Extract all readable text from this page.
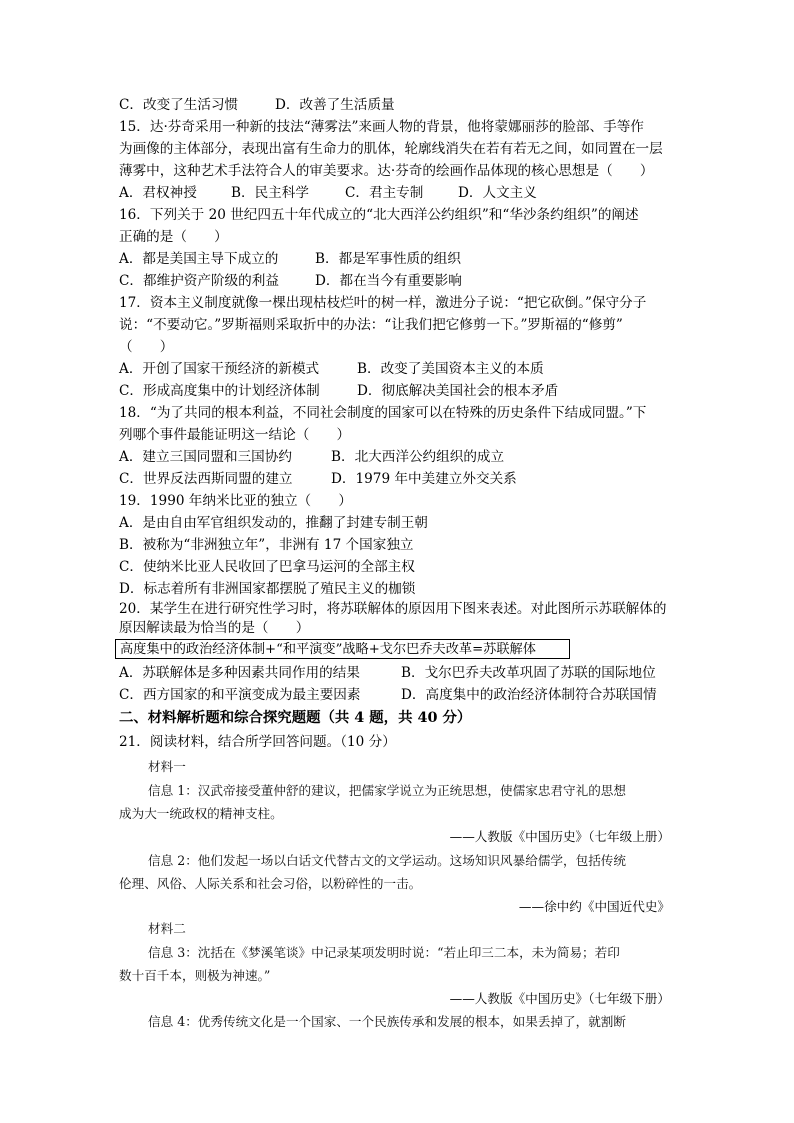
C．改变了生活习惯	D．改善了生活质量
15．达·芬奇采用一种新的技法“薄雾法”来画人物的背景，他将蒙娜丽莎的脸部、手等作
为画像的主体部分，表现出富有生命力的肌体，轮廓线消失在若有若无之间，如同置在一层
薄雾中，这种艺术手法符合人的审美要求。达·芬奇的绘画作品体现的核心思想是（　　）
A．君权神授	B．民主科学	C．君主专制	D．人文主义
16．下列关于 20 世纪四五十年代成立的“北大西洋公约组织”和“华沙条约组织”的阐述
正确的是（　　）
A．都是美国主导下成立的	B．都是军事性质的组织
C．都维护资产阶级的利益	D．都在当今有重要影响
17．资本主义制度就像一棵出现枯枝烂叶的树一样，激进分子说：“把它砍倒。”保守分子
说：“不要动它。”罗斯福则采取折中的办法：“让我们把它修剪一下。”罗斯福的“修剪”
（　　）
A．开创了国家干预经济的新模式	B．改变了美国资本主义的本质
C．形成高度集中的计划经济体制	D．彻底解决美国社会的根本矛盾
18．“为了共同的根本利益，不同社会制度的国家可以在特殊的历史条件下结成同盟。”下
列哪个事件最能证明这一结论（　　）
A．建立三国同盟和三国协约	B．北大西洋公约组织的成立
C．世界反法西斯同盟的建立	D．1979 年中美建立外交关系
19．1990 年纳米比亚的独立（　　）
A．是由自由军官组织发动的，推翻了封建专制王朝
B．被称为“非洲独立年”，非洲有 17 个国家独立
C．使纳米比亚人民收回了巴拿马运河的全部主权
D．标志着所有非洲国家都摆脱了殖民主义的枷锁
20．某学生在进行研究性学习时，将苏联解体的原因用下图来表述。对此图所示苏联解体的
原因解读最为恰当的是（　　）
高度集中的政治经济体制+“和平演变”战略+戈尔巴乔夫改革=苏联解体
A．苏联解体是多种因素共同作用的结果	B．戈尔巴乔夫改革巩固了苏联的国际地位
C．西方国家的和平演变成为最主要因素	D．高度集中的政治经济体制符合苏联国情
二、材料解析题和综合探究题题（共 4 题，共 40 分）
21．阅读材料，结合所学回答问题。（10 分）
材料一
信息 1：汉武帝接受董仲舒的建议，把儒家学说立为正统思想，使儒家忠君守礼的思想
成为大一统政权的精神支柱。
——人教版《中国历史》（七年级上册）
信息 2：他们发起一场以白话文代替古文的文学运动。这场知识风暴给儒学，包括传统
伦理、风俗、人际关系和社会习俗，以粉碎性的一击。
——徐中约《中国近代史》
材料二
信息 3：沈括在《梦溪笔谈》中记录某项发明时说：“若止印三二本，未为简易；若印
数十百千本，则极为神速。”
——人教版《中国历史》（七年级下册）
信息 4：优秀传统文化是一个国家、一个民族传承和发展的根本，如果丢掉了，就割断
